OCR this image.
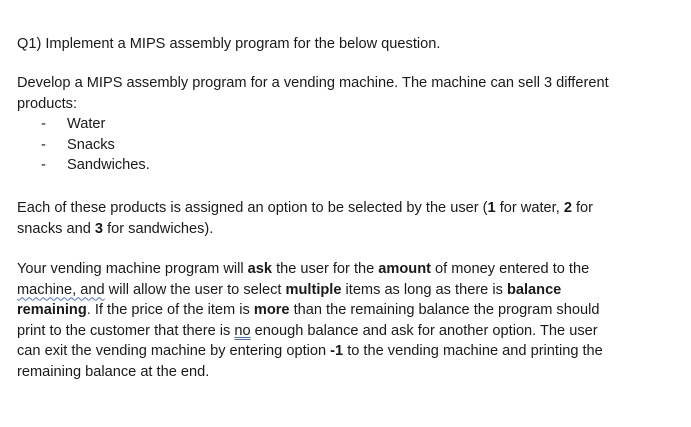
Q1) Implement a MIPS assembly program for the below question.

Develop a MIPS assembly program for a vending machine. The machine can sell 3 different
products:
- Water
- Snacks
- Sandwiches.
Each of these products is assigned an option to be selected by the user (1 for water, 2 for
snacks and 3 for sandwiches).
Your vending machine program will ask the user for the amount of money entered to the
machine, and will allow the user to select multiple items as long as there is balance
remaining. If the price of the item is more than the remaining balance the program should
print to the customer that there is no enough balance and ask for another option. The user
can exit the vending machine by entering option -1 to the vending machine and printing the
remaining balance at the end.
